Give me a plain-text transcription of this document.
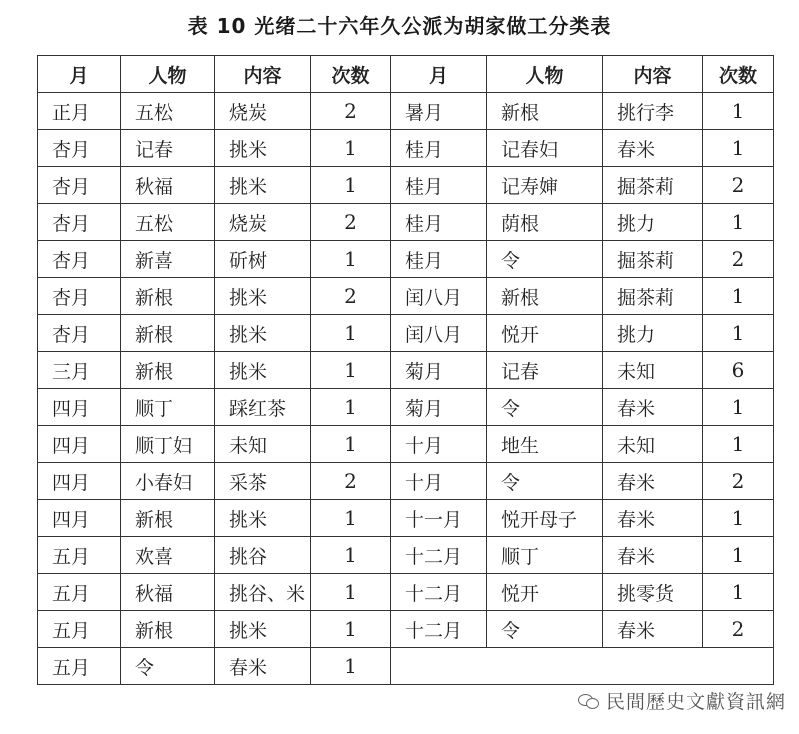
表 10 光绪二十六年久公派为胡家做工分类表
月	人物	内容	次数	月	人物	内容	次数
正月	五松	烧炭	2	暑月	新根	挑行李	1
杏月	记春	挑米	1	桂月	记春妇	春米	1
杏月	秋福	挑米	1	桂月	记寿婶	掘茶莉	2
杏月	五松	烧炭	2	桂月	荫根	挑力	1
杏月	新喜	斫树	1	桂月	令	掘茶莉	2
杏月	新根	挑米	2	闰八月	新根	掘茶莉	1
杏月	新根	挑米	1	闰八月	悦开	挑力	1
三月	新根	挑米	1	菊月	记春	未知	6
四月	顺丁	踩红茶	1	菊月	令	春米	1
四月	顺丁妇	未知	1	十月	地生	未知	1
四月	小春妇	采茶	2	十月	令	春米	2
四月	新根	挑米	1	十一月	悦开母子	春米	1
五月	欢喜	挑谷	1	十二月	顺丁	春米	1
五月	秋福	挑谷、米	1	十二月	悦开	挑零货	1
五月	新根	挑米	1	十二月	令	春米	2
五月	令	春米	1				
民間歷史文獻資訊網
